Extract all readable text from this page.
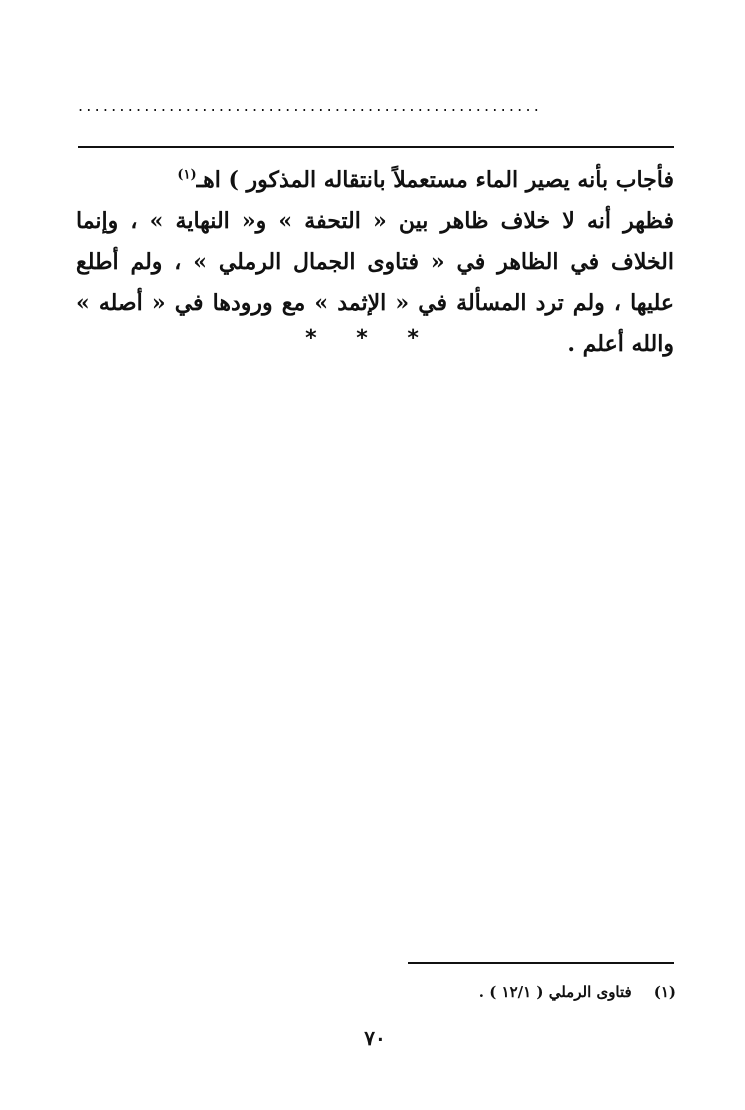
........................................................

فأجاب بأنه يصير الماء مستعملاً بانتقاله المذكور ) اهـ$^{(١)}$

فظهر أنه لا خلاف ظاهر بين « التحفة » و« النهاية » ، وإنما الخلاف في الظاهر في « فتاوى الجمال الرملي » ، ولم أطلع عليها ، ولم ترد المسألة في « الإثمد » مع ورودها في « أصله » والله أعلم .

* * *
(١)فتاوى الرملي ( ١٢/١ ) .
٧٠
